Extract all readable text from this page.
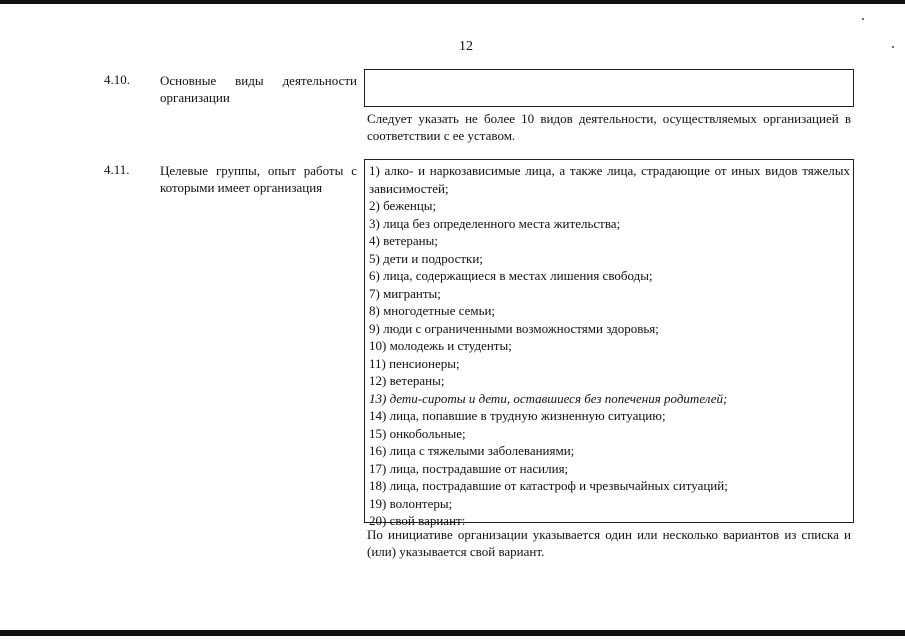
12
4.10. Основные виды деятельности организации
Следует указать не более 10 видов деятельности, осуществляемых организацией в соответствии с ее уставом.
4.11. Целевые группы, опыт работы с которыми имеет организация
1) алко- и наркозависимые лица, а также лица, страдающие от иных видов тяжелых зависимостей;
2) беженцы;
3) лица без определенного места жительства;
4) ветераны;
5) дети и подростки;
6) лица, содержащиеся в местах лишения свободы;
7) мигранты;
8) многодетные семьи;
9) люди с ограниченными возможностями здоровья;
10) молодежь и студенты;
11) пенсионеры;
12) ветераны;
13) дети-сироты и дети, оставшиеся без попечения родителей;
14) лица, попавшие в трудную жизненную ситуацию;
15) онкобольные;
16) лица с тяжелыми заболеваниями;
17) лица, пострадавшие от насилия;
18) лица, пострадавшие от катастроф и чрезвычайных ситуаций;
19) волонтеры;
20) свой вариант:
По инициативе организации указывается один или несколько вариантов из списка и (или) указывается свой вариант.
